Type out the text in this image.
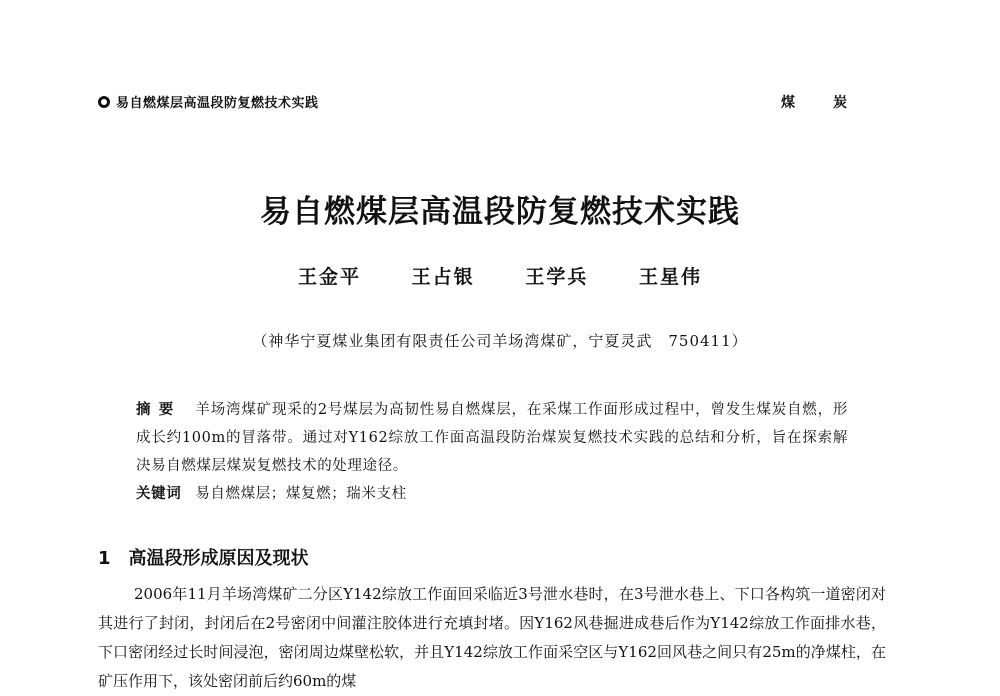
易自燃煤层高温段防复燃技术实践	煤炭
易自燃煤层高温段防复燃技术实践
王金平	王占银	王学兵	王星伟
（神华宁夏煤业集团有限责任公司羊场湾煤矿，宁夏灵武　750411）
摘要 羊场湾煤矿现采的2号煤层为高韧性易自燃煤层，在采煤工作面形成过程中，曾发生煤炭自燃，形成长约100m的冒落带。通过对Y162综放工作面高温段防治煤炭复燃技术实践的总结和分析，旨在探索解决易自燃煤层煤炭复燃技术的处理途径。
关键词 易自燃煤层；煤复燃；瑞米支柱
1 高温段形成原因及现状
2006年11月羊场湾煤矿二分区Y142综放工作面回采临近3号泄水巷时，在3号泄水巷上、下口各构筑一道密闭对其进行了封闭，封闭后在2号密闭中间灌注胶体进行充填封堵。因Y162风巷掘进成巷后作为Y142综放工作面排水巷，下口密闭经过长时间浸泡，密闭周边煤壁松软，并且Y142综放工作面采空区与Y162回风巷之间只有25m的净煤柱，在矿压作用下，该处密闭前后约60m的煤
